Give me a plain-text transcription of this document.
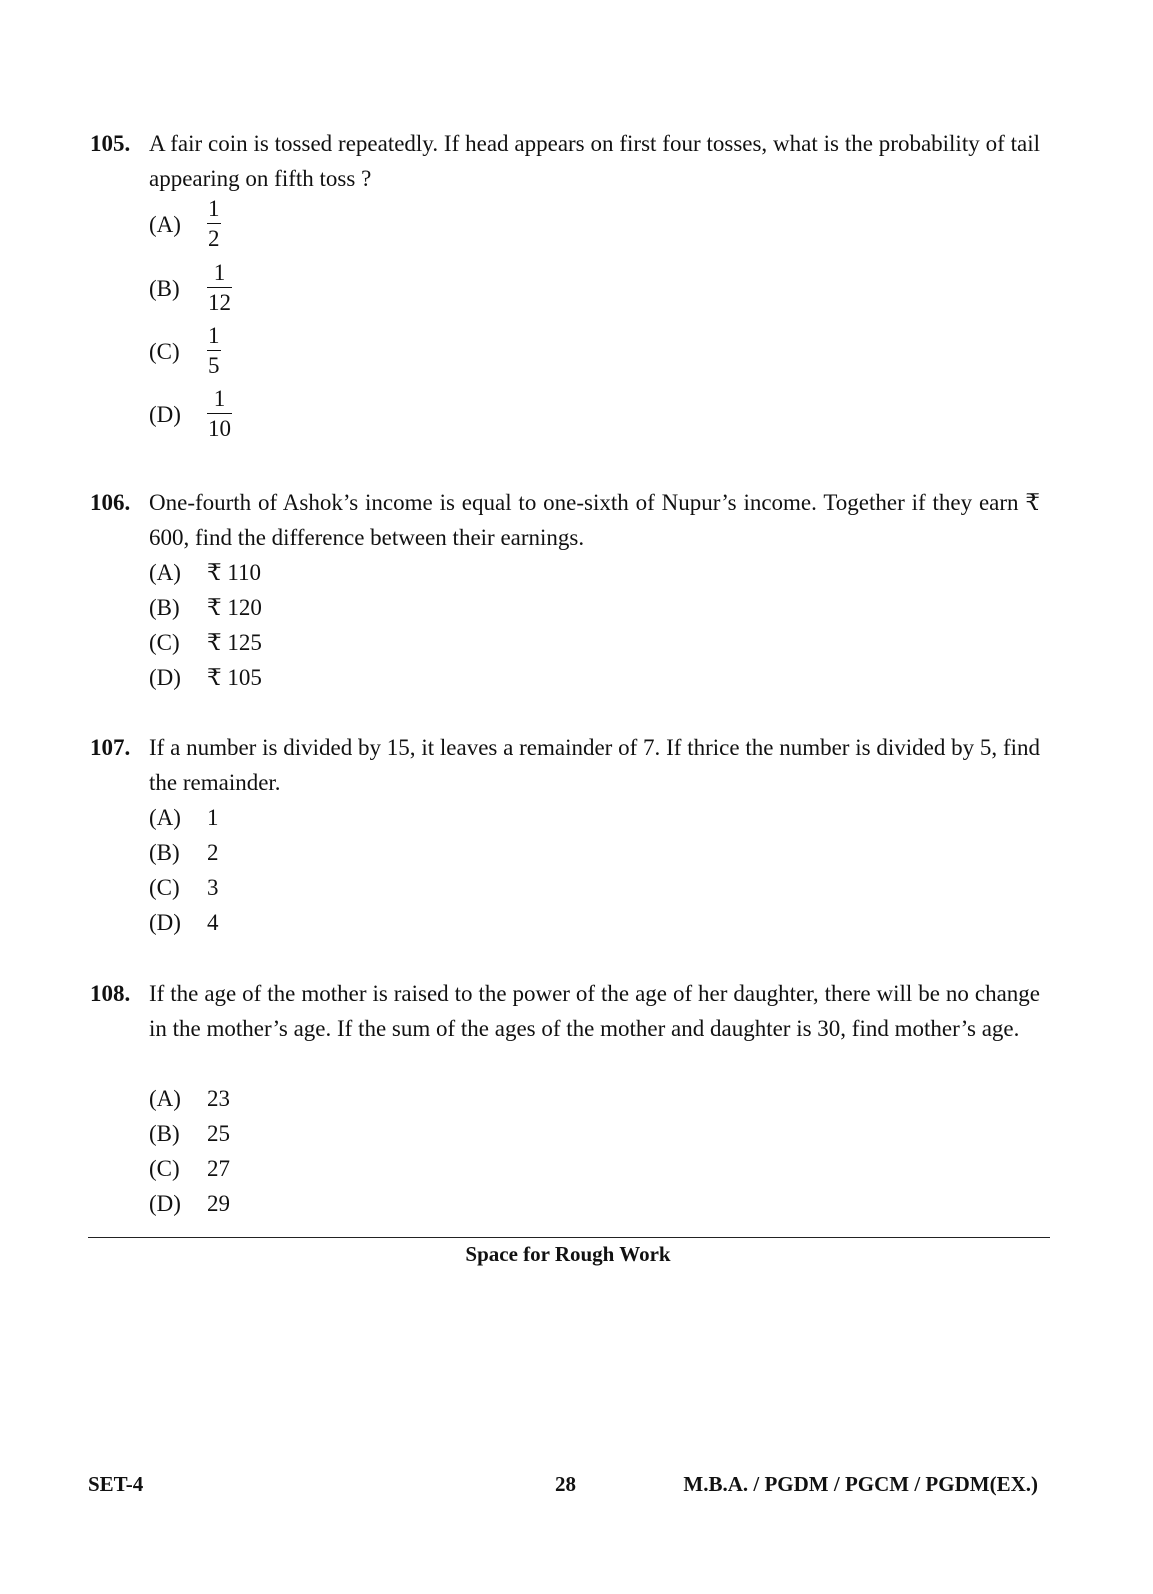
105. A fair coin is tossed repeatedly. If head appears on first four tosses, what is the probability of tail appearing on fifth toss ?
$(A) \frac{1}{2}$
$(B) \frac{1}{12}$
$(C) \frac{1}{5}$
$(D) \frac{1}{10}$
106. One-fourth of Ashok’s income is equal to one-sixth of Nupur’s income. Together if they earn ₹ 600, find the difference between their earnings.
(A) ₹ 110
(B) ₹ 120
(C) ₹ 125
(D) ₹ 105
107. If a number is divided by 15, it leaves a remainder of 7. If thrice the number is divided by 5, find the remainder.
(A) 1
(B) 2
(C) 3
(D) 4
108. If the age of the mother is raised to the power of the age of her daughter, there will be no change in the mother’s age. If the sum of the ages of the mother and daughter is 30, find mother’s age.
(A) 23
(B) 25
(C) 27
(D) 29
Space for Rough Work
SET-4	28	M.B.A. / PGDM / PGCM / PGDM(EX.)
